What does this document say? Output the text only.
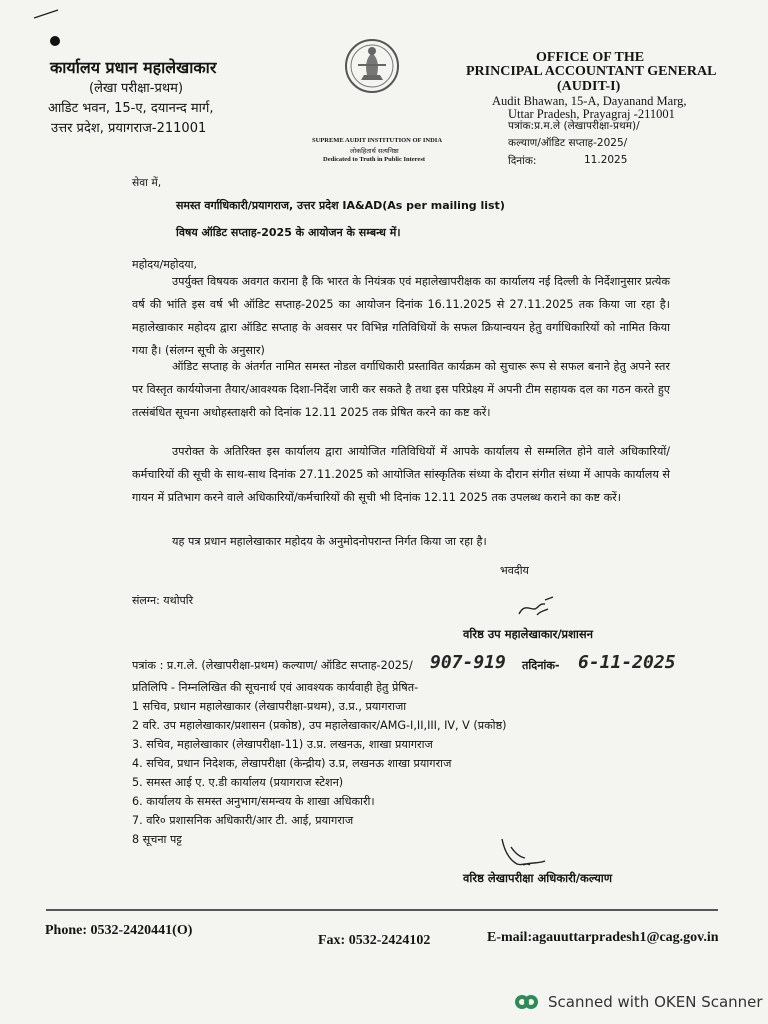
कार्यालय प्रधान महालेखाकार
(लेखा परीक्षा-प्रथम)
आडिट भवन, 15-ए, दयानन्द मार्ग,
उत्तर प्रदेश, प्रयागराज-211001
SUPREME AUDIT INSTITUTION OF INDIA
लोकहितार्थ सत्यनिष्ठा
Dedicated to Truth in Public Interest
OFFICE OF THE
PRINCIPAL ACCOUNTANT GENERAL
(AUDIT-I)
Audit Bhawan, 15-A, Dayanand Marg,
Uttar Pradesh, Prayagraj -211001
पत्रांक:प्र.म.ले (लेखापरीक्षा-प्रथम)/
कल्याण/ऑडिट सप्ताह-2025/
दिनांक:	11.2025
सेवा में,
समस्त वर्गाधिकारी/प्रयागराज, उत्तर प्रदेश IA&AD(As per mailing list)
विषय ऑडिट सप्ताह-2025 के आयोजन के सम्बन्ध में।
महोदय/महोदया,
उपर्युक्त विषयक अवगत कराना है कि भारत के नियंत्रक एवं महालेखापरीक्षक का कार्यालय नई दिल्ली के निर्देशानुसार प्रत्येक वर्ष की भांति इस वर्ष भी ऑडिट सप्ताह-2025 का आयोजन दिनांक 16.11.2025 से 27.11.2025 तक किया जा रहा है। महालेखाकार महोदय द्वारा ऑडिट सप्ताह के अवसर पर विभिन्न गतिविधियों के सफल क्रियान्वयन हेतु वर्गाधिकारियों को नामित किया गया है। (संलग्न सूची के अनुसार)
ऑडिट सप्ताह के अंतर्गत नामित समस्त नोडल वर्गाधिकारी प्रस्तावित कार्यक्रम को सुचारू रूप से सफल बनाने हेतु अपने स्तर पर विस्तृत कार्ययोजना तैयार/आवश्यक दिशा-निर्देश जारी कर सकते है तथा इस परिप्रेक्ष्य में अपनी टीम सहायक दल का गठन करते हुए तत्संबंधित सूचना अधोहस्ताक्षरी को दिनांक 12.11 2025 तक प्रेषित करने का कष्ट करें।
उपरोक्त के अतिरिक्त इस कार्यालय द्वारा आयोजित गतिविधियों में आपके कार्यालय से सम्मलित होने वाले अधिकारियों/कर्मचारियों की सूची के साथ-साथ दिनांक 27.11.2025 को आयोजित सांस्कृतिक संध्या के दौरान संगीत संध्या में आपके कार्यालय से गायन में प्रतिभाग करने वाले अधिकारियों/कर्मचारियों की सूची भी दिनांक 12.11 2025 तक उपलब्ध कराने का कष्ट करें।
यह पत्र प्रधान महालेखाकार महोदय के अनुमोदनोपरान्त निर्गत किया जा रहा है।
भवदीय
संलग्न: यथोपरि
वरिष्ठ उप महालेखाकार/प्रशासन
पत्रांक : प्र.ग.ले. (लेखापरीक्षा-प्रथम) कल्याण/ ऑडिट सप्ताह-2025/ 907-919 तदिनांक- 6-11-2025
प्रतिलिपि - निम्नलिखित की सूचनार्थ एवं आवश्यक कार्यवाही हेतु प्रेषित-
1 सचिव, प्रधान महालेखाकार (लेखापरीक्षा-प्रथम), उ.प्र., प्रयागराजा
2 वरि. उप महालेखाकार/प्रशासन (प्रकोष्ठ), उप महालेखाकार/AMG-I,II,III, IV, V (प्रकोष्ठ)
3. सचिव, महालेखाकार (लेखापरीक्षा-11) उ.प्र. लखनऊ, शाखा प्रयागराज
4. सचिव, प्रधान निदेशक, लेखापरीक्षा (केन्द्रीय) उ.प्र, लखनऊ शाखा प्रयागराज
5. समस्त आई ए. ए.डी कार्यालय (प्रयागराज स्टेशन)
6. कार्यालय के समस्त अनुभाग/समन्वय के शाखा अधिकारी।
7. वरि० प्रशासनिक अधिकारी/आर टी. आई, प्रयागराज
8 सूचना पट्ट
वरिष्ठ लेखापरीक्षा अधिकारी/कल्याण
Phone: 0532-2420441(O)
Fax: 0532-2424102	E-mail:agauuttarpradesh1@cag.gov.in
Scanned with OKEN Scanner
